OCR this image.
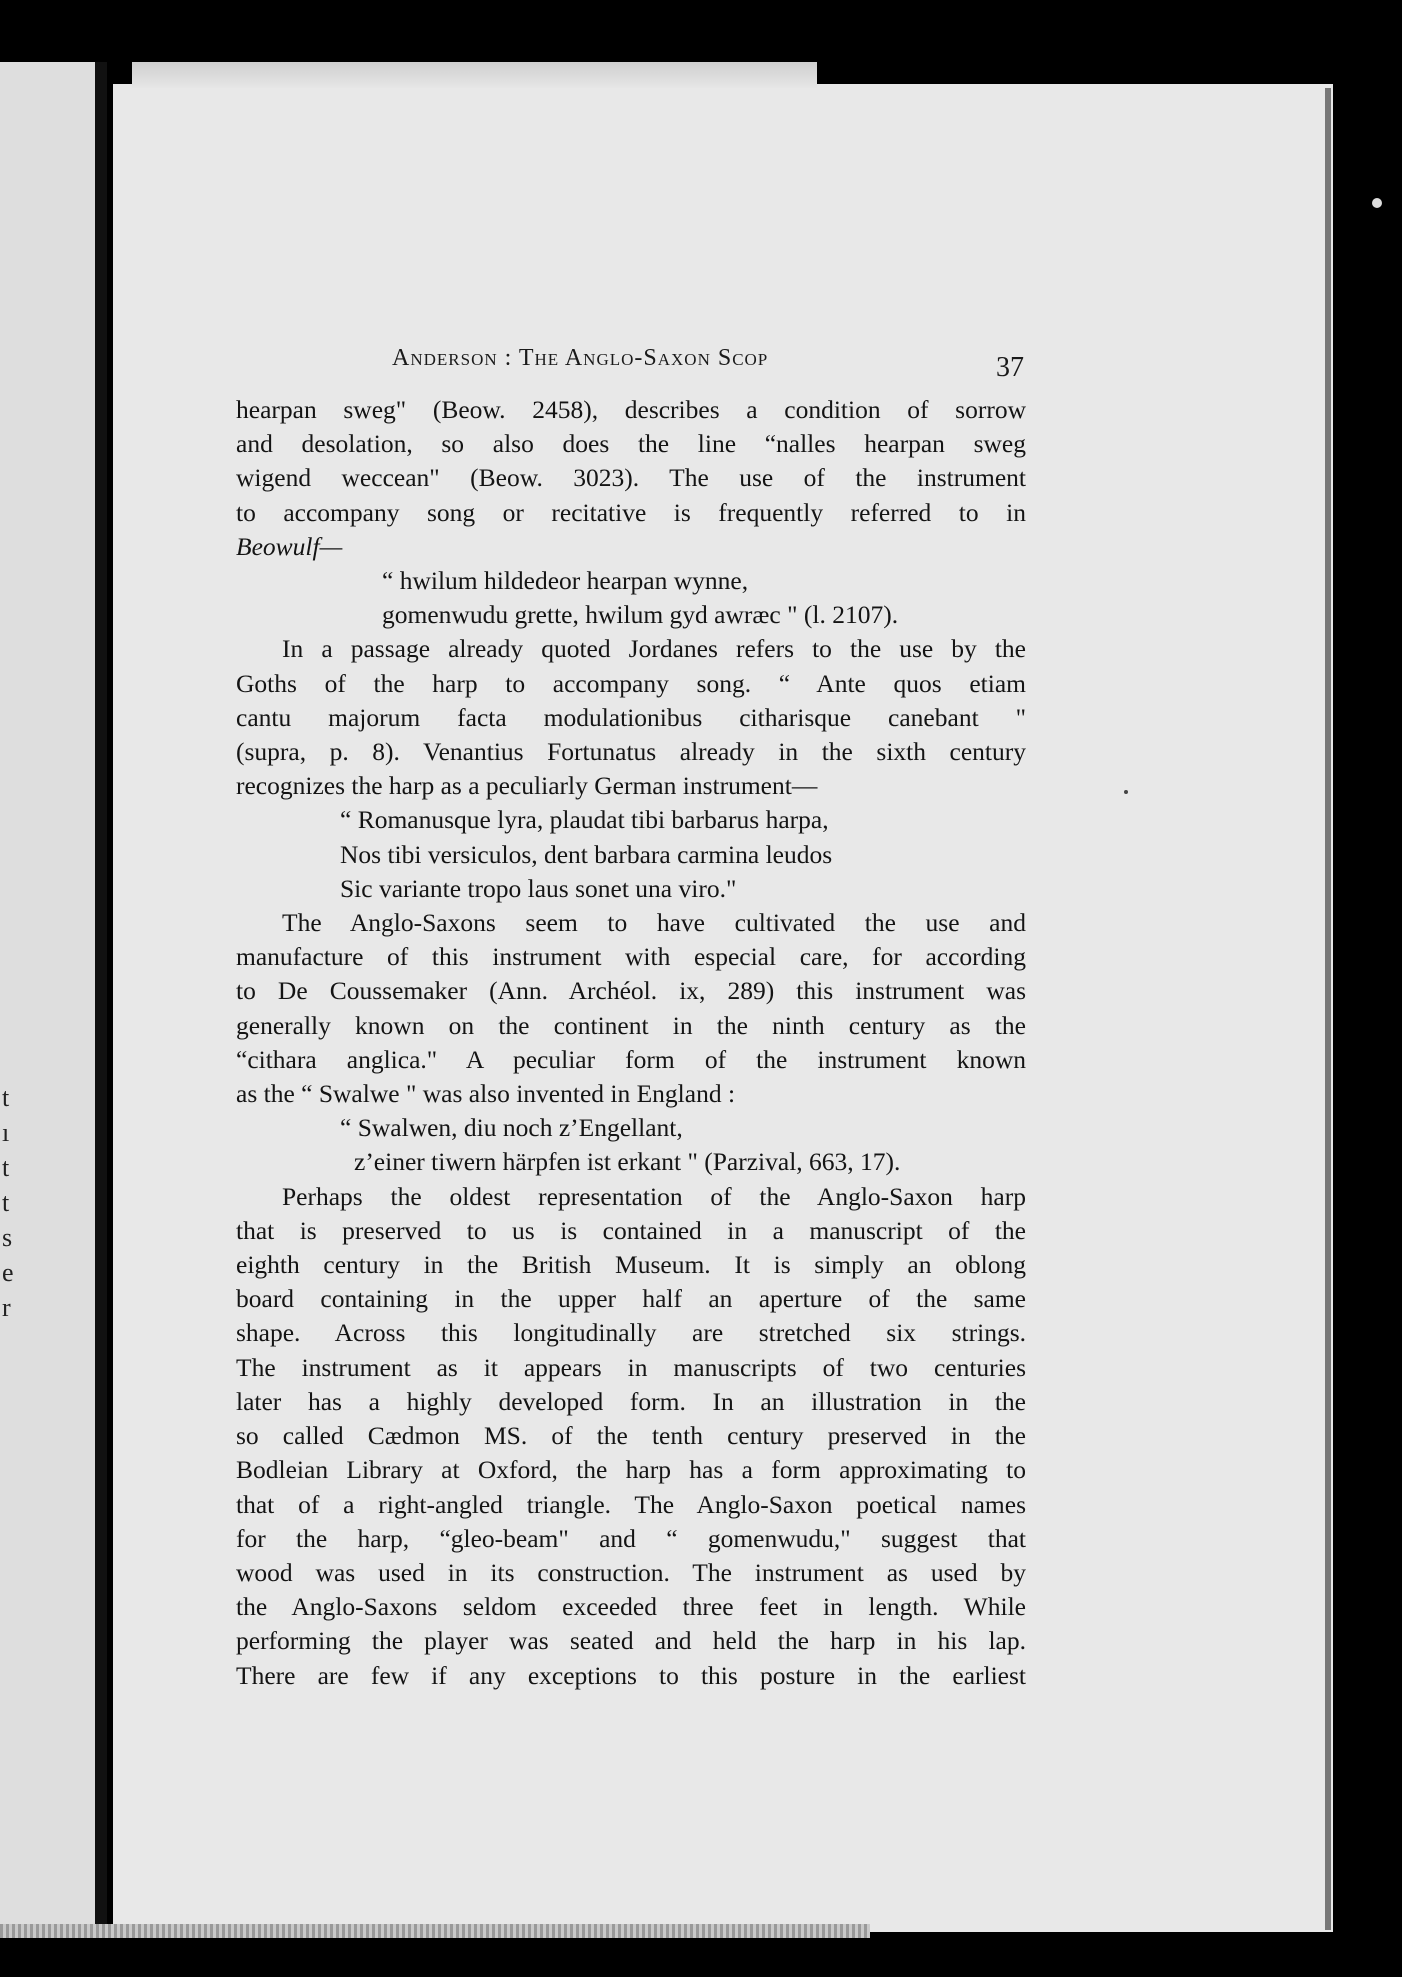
t
ı
t
t
s
e
r
Anderson : The Anglo-Saxon Scop	37

hearpan sweg" (Beow. 2458), describes a condition of sorrow
and desolation, so also does the line “nalles hearpan sweg
wigend weccean" (Beow. 3023). The use of the instrument
to accompany song or recitative is frequently referred to in
Beowulf—

“ hwilum hildedeor hearpan wynne,
gomenwudu grette, hwilum gyd awræc " (l. 2107).

In a passage already quoted Jordanes refers to the use by the
Goths of the harp to accompany song. “ Ante quos etiam
cantu majorum facta modulationibus citharisque canebant "
(supra, p. 8). Venantius Fortunatus already in the sixth century
recognizes the harp as a peculiarly German instrument—

“ Romanusque lyra, plaudat tibi barbarus harpa,
Nos tibi versiculos, dent barbara carmina leudos
Sic variante tropo laus sonet una viro."

The Anglo-Saxons seem to have cultivated the use and
manufacture of this instrument with especial care, for according
to De Coussemaker (Ann. Archéol. ix, 289) this instrument was
generally known on the continent in the ninth century as the
“cithara anglica." A peculiar form of the instrument known
as the “ Swalwe " was also invented in England :

“ Swalwen, diu noch z’Engellant,
z’einer tiwern härpfen ist erkant " (Parzival, 663, 17).

Perhaps the oldest representation of the Anglo-Saxon harp
that is preserved to us is contained in a manuscript of the
eighth century in the British Museum. It is simply an oblong
board containing in the upper half an aperture of the same
shape. Across this longitudinally are stretched six strings.
The instrument as it appears in manuscripts of two centuries
later has a highly developed form. In an illustration in the
so called Cædmon MS. of the tenth century preserved in the
Bodleian Library at Oxford, the harp has a form approximating to
that of a right-angled triangle. The Anglo-Saxon poetical names
for the harp, “gleo-beam" and “ gomenwudu," suggest that
wood was used in its construction. The instrument as used by
the Anglo-Saxons seldom exceeded three feet in length. While
performing the player was seated and held the harp in his lap.
There are few if any exceptions to this posture in the earliest
